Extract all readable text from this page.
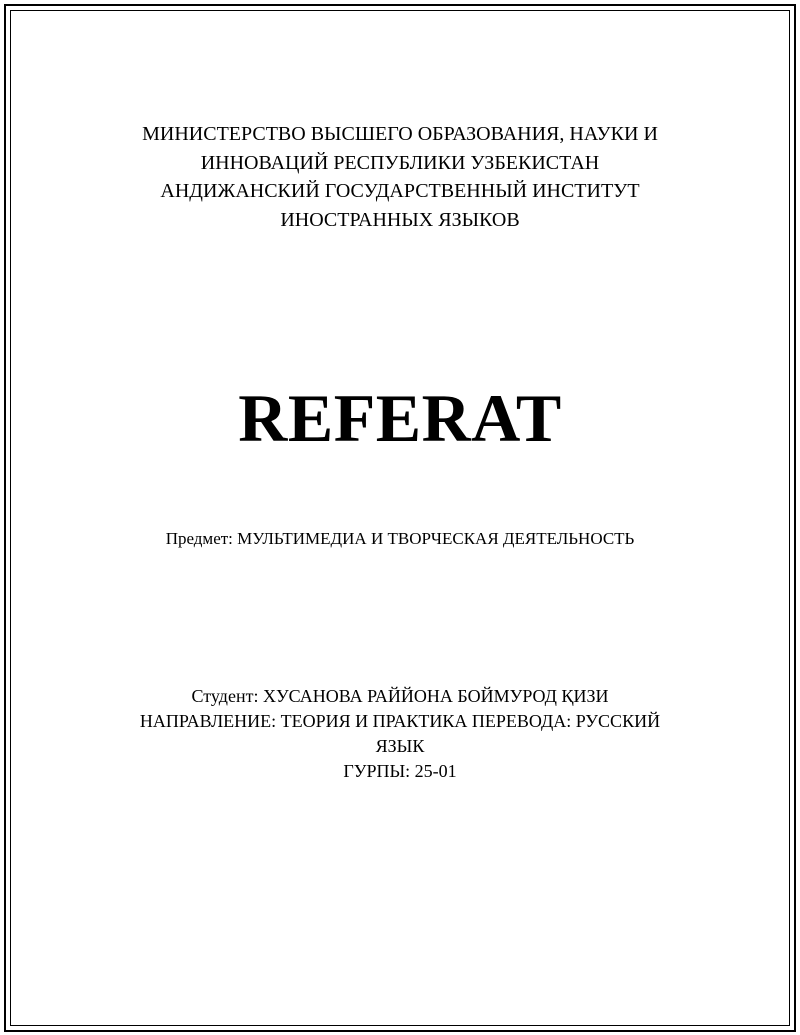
МИНИСТЕРСТВО ВЫСШЕГО ОБРАЗОВАНИЯ, НАУКИ И
ИННОВАЦИЙ РЕСПУБЛИКИ УЗБЕКИСТАН
АНДИЖАНСКИЙ ГОСУДАРСТВЕННЫЙ ИНСТИТУТ
ИНОСТРАННЫХ ЯЗЫКОВ
REFERAT
Предмет: МУЛЬТИМЕДИА И ТВОРЧЕСКАЯ ДЕЯТЕЛЬНОСТЬ
Студент: ХУСАНОВА РАЙЙОНА БОЙМУРОД ҚИЗИ
НАПРАВЛЕНИЕ: ТЕОРИЯ И ПРАКТИКА ПЕРЕВОДА: РУССКИЙ
ЯЗЫК
ГУРПЫ: 25-01
